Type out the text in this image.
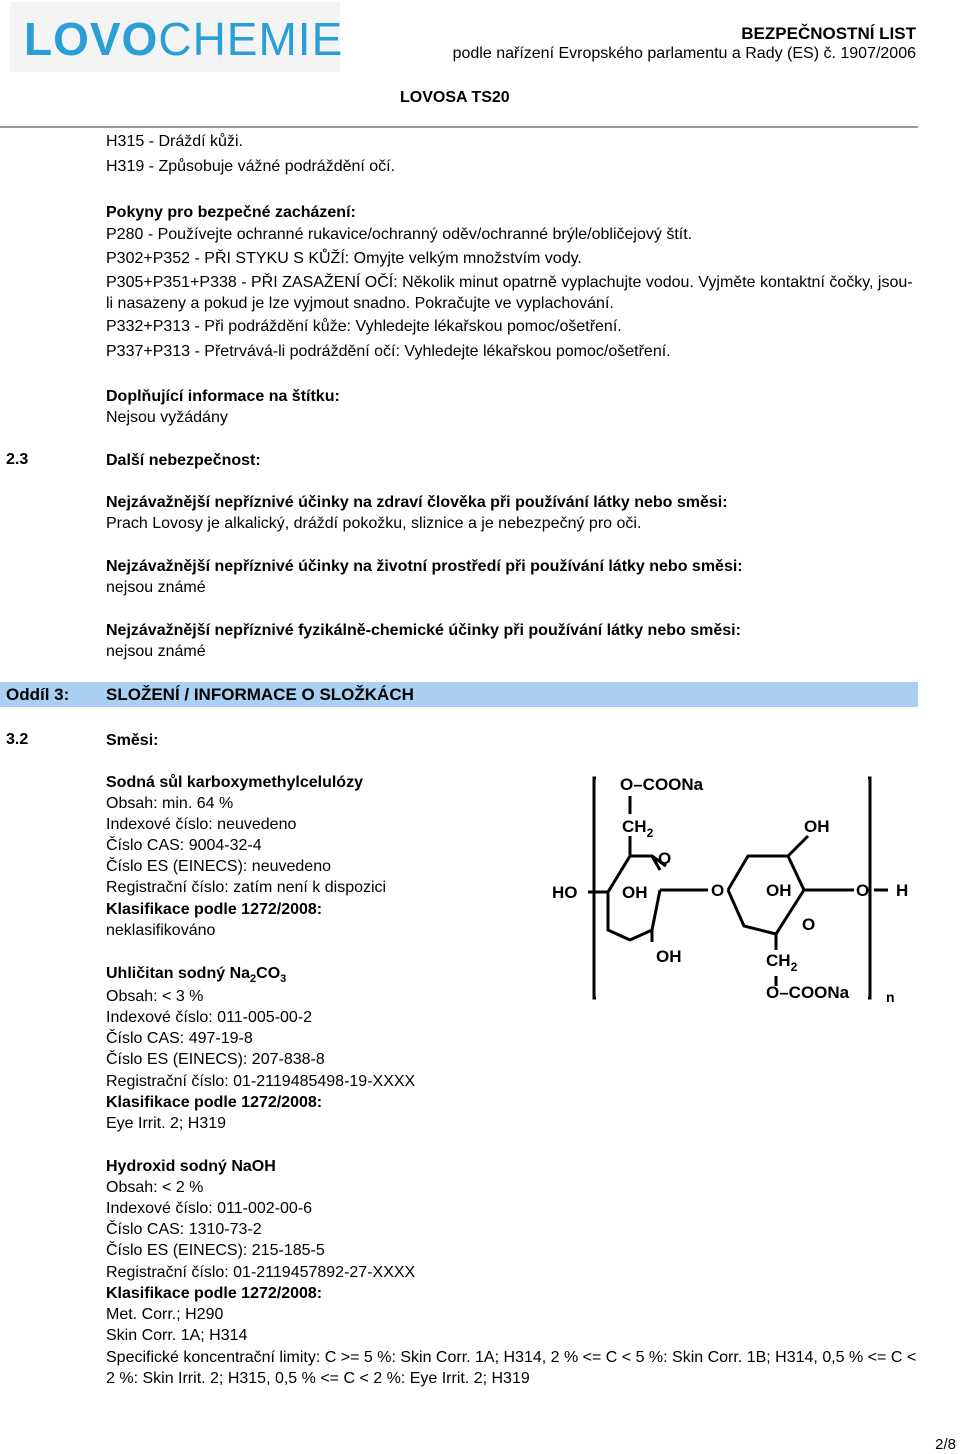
LOVOCHEMIE	BEZPEČNOSTNÍ LIST
podle nařízení Evropského parlamentu a Rady (ES) č. 1907/2006
LOVOSA TS20
H315 - Dráždí kůži.
H319 - Způsobuje vážné podráždění očí.
Pokyny pro bezpečné zacházení:
P280 - Používejte ochranné rukavice/ochranný oděv/ochranné brýle/obličejový štít.
P302+P352 - PŘI STYKU S KŮŽÍ: Omyjte velkým množstvím vody.
P305+P351+P338 - PŘI ZASAŽENÍ OČÍ: Několik minut opatrně vyplachujte vodou. Vyjměte kontaktní čočky, jsou-li nasazeny a pokud je lze vyjmout snadno. Pokračujte ve vyplachování.
P332+P313 - Při podráždění kůže: Vyhledejte lékařskou pomoc/ošetření.
P337+P313 - Přetrvává-li podráždění očí: Vyhledejte lékařskou pomoc/ošetření.
Doplňující informace na štítku:
Nejsou vyžádány
2.3	Další nebezpečnost:
Nejzávažnější nepříznivé účinky na zdraví člověka při používání látky nebo směsi:
Prach Lovosy je alkalický, dráždí pokožku, sliznice a je nebezpečný pro oči.
Nejzávažnější nepříznivé účinky na životní prostředí při používání látky nebo směsi:
nejsou známé
Nejzávažnější nepříznivé fyzikálně-chemické účinky při používání látky nebo směsi:
nejsou známé
Oddíl 3: SLOŽENÍ / INFORMACE O SLOŽKÁCH
3.2	Směsi:
Sodná sůl karboxymethylcelulózy
Obsah: min. 64 %
Indexové číslo: neuvedeno
Číslo CAS: 9004-32-4
Číslo ES (EINECS): neuvedeno
Registrační číslo: zatím není k dispozici
Klasifikace podle 1272/2008:
neklasifikováno
Uhličitan sodný $Na_2CO_3$
Obsah: < 3 %
Indexové číslo: 011-005-00-2
Číslo CAS: 497-19-8
Číslo ES (EINECS): 207-838-8
Registrační číslo: 01-2119485498-19-XXXX
Klasifikace podle 1272/2008:
Eye Irrit. 2; H319
Hydroxid sodný NaOH
Obsah: < 2 %
Indexové číslo: 011-002-00-6
Číslo CAS: 1310-73-2
Číslo ES (EINECS): 215-185-5
Registrační číslo: 01-2119457892-27-XXXX
Klasifikace podle 1272/2008:
Met. Corr.; H290
Skin Corr. 1A; H314
Specifické koncentrační limity: C >= 5 %: Skin Corr. 1A; H314, 2 % <= C < 5 %: Skin Corr. 1B; H314, 0,5 % <= C < 2 %: Skin Irrit. 2; H315, 0,5 % <= C < 2 %: Eye Irrit. 2; H319
O–COONa
$CH_2$	OH
O
HO	OH	O OH	O H
O
OH	$CH_2$
O–COONa	n
2/8
